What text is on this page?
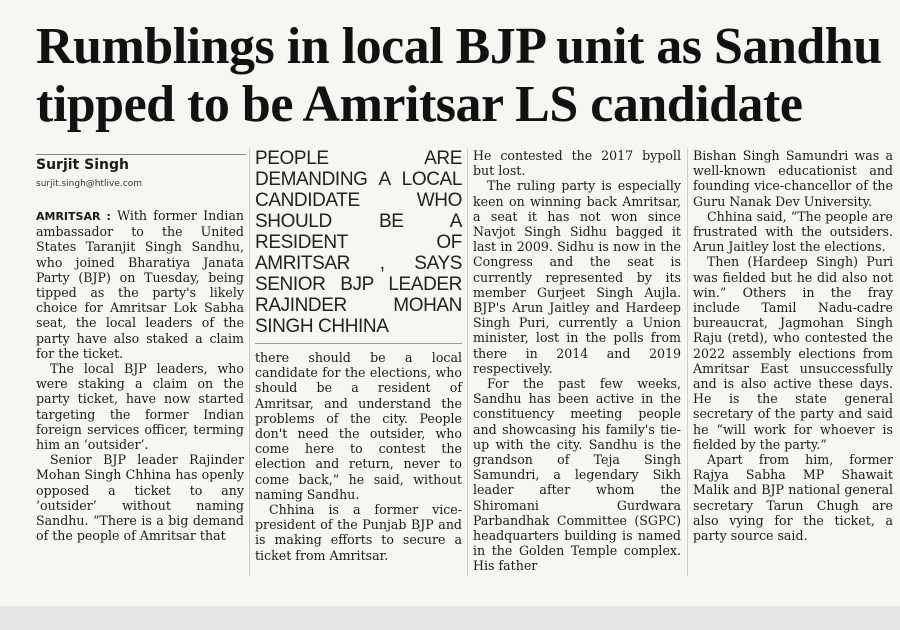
Rumblings in local BJP unit as Sandhu tipped to be Amritsar LS candidate
Surjit Singh
surjit.singh@htlive.com

AMRITSAR : With former Indian ambassador to the United States Taranjit Singh Sandhu, who joined Bharatiya Janata Party (BJP) on Tuesday, being tipped as the party's likely choice for Amritsar Lok Sabha seat, the local leaders of the party have also staked a claim for the ticket.

The local BJP leaders, who were staking a claim on the party ticket, have now started targeting the former Indian foreign services officer, terming him an ‘outsider’.

Senior BJP leader Rajinder Mohan Singh Chhina has openly opposed a ticket to any ‘outsider’ without naming Sandhu. “There is a big demand of the people of Amritsar that

PEOPLE ARE DEMANDING A LOCAL CANDIDATE WHO SHOULD BE A RESIDENT OF AMRITSAR , SAYS SENIOR BJP LEADER RAJINDER MOHAN SINGH CHHINA

there should be a local candidate for the elections, who should be a resident of Amritsar, and understand the problems of the city. People don't need the outsider, who come here to contest the election and return, never to come back,” he said, without naming Sandhu.

Chhina is a former vice-president of the Punjab BJP and is making efforts to secure a ticket from Amritsar.

He contested the 2017 bypoll but lost.

The ruling party is especially keen on winning back Amritsar, a seat it has not won since Navjot Singh Sidhu bagged it last in 2009. Sidhu is now in the Congress and the seat is currently represented by its member Gurjeet Singh Aujla. BJP's Arun Jaitley and Hardeep Singh Puri, currently a Union minister, lost in the polls from there in 2014 and 2019 respectively.

For the past few weeks, Sandhu has been active in the constituency meeting people and showcasing his family's tie-up with the city. Sandhu is the grandson of Teja Singh Samundri, a legendary Sikh leader after whom the Shiromani Gurdwara Parbandhak Committee (SGPC) headquarters building is named in the Golden Temple complex. His father

Bishan Singh Samundri was a well-known educationist and founding vice-chancellor of the Guru Nanak Dev University.

Chhina said, “The people are frustrated with the outsiders. Arun Jaitley lost the elections.

Then (Hardeep Singh) Puri was fielded but he did also not win.” Others in the fray include Tamil Nadu-cadre bureaucrat, Jagmohan Singh Raju (retd), who contested the 2022 assembly elections from Amritsar East unsuccessfully and is also active these days. He is the state general secretary of the party and said he “will work for whoever is fielded by the party.”

Apart from him, former Rajya Sabha MP Shawait Malik and BJP national general secretary Tarun Chugh are also vying for the ticket, a party source said.
